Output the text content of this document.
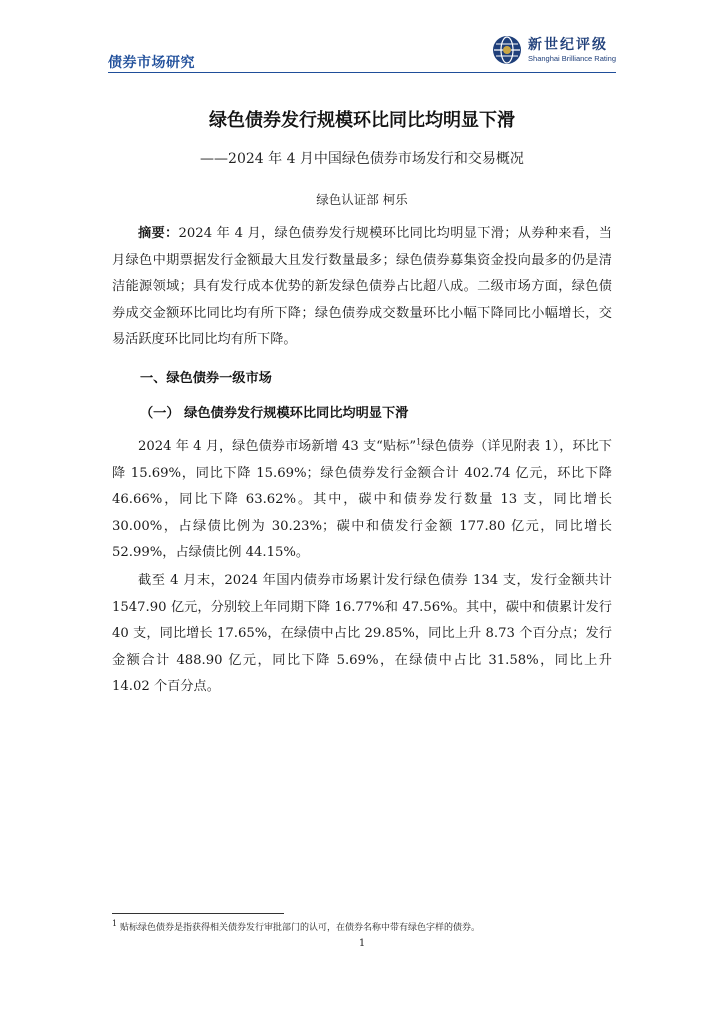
债券市场研究
新世纪评级
Shanghai Brilliance Rating
绿色债券发行规模环比同比均明显下滑
——2024 年 4 月中国绿色债券市场发行和交易概况
绿色认证部 柯乐
摘要：2024 年 4 月，绿色债券发行规模环比同比均明显下滑；从券种来看，当月绿色中期票据发行金额最大且发行数量最多；绿色债券募集资金投向最多的仍是清洁能源领域；具有发行成本优势的新发绿色债券占比超八成。二级市场方面，绿色债券成交金额环比同比均有所下降；绿色债券成交数量环比小幅下降同比小幅增长，交易活跃度环比同比均有所下降。
一、绿色债券一级市场
（一） 绿色债券发行规模环比同比均明显下滑
2024 年 4 月，绿色债券市场新增 43 支“贴标”$^1$绿色债券（详见附表 1），环比下降 15.69%，同比下降 15.69%；绿色债券发行金额合计 402.74 亿元，环比下降 46.66%，同比下降 63.62%。其中，碳中和债券发行数量 13 支，同比增长 30.00%，占绿债比例为 30.23%；碳中和债发行金额 177.80 亿元，同比增长 52.99%，占绿债比例 44.15%。
截至 4 月末，2024 年国内债券市场累计发行绿色债券 134 支，发行金额共计 1547.90 亿元，分别较上年同期下降 16.77%和 47.56%。其中，碳中和债累计发行 40 支，同比增长 17.65%，在绿债中占比 29.85%，同比上升 8.73 个百分点；发行金额合计 488.90 亿元，同比下降 5.69%，在绿债中占比 31.58%，同比上升 14.02 个百分点。
$^1$ 贴标绿色债券是指获得相关债券发行审批部门的认可，在债券名称中带有绿色字样的债券。
1
